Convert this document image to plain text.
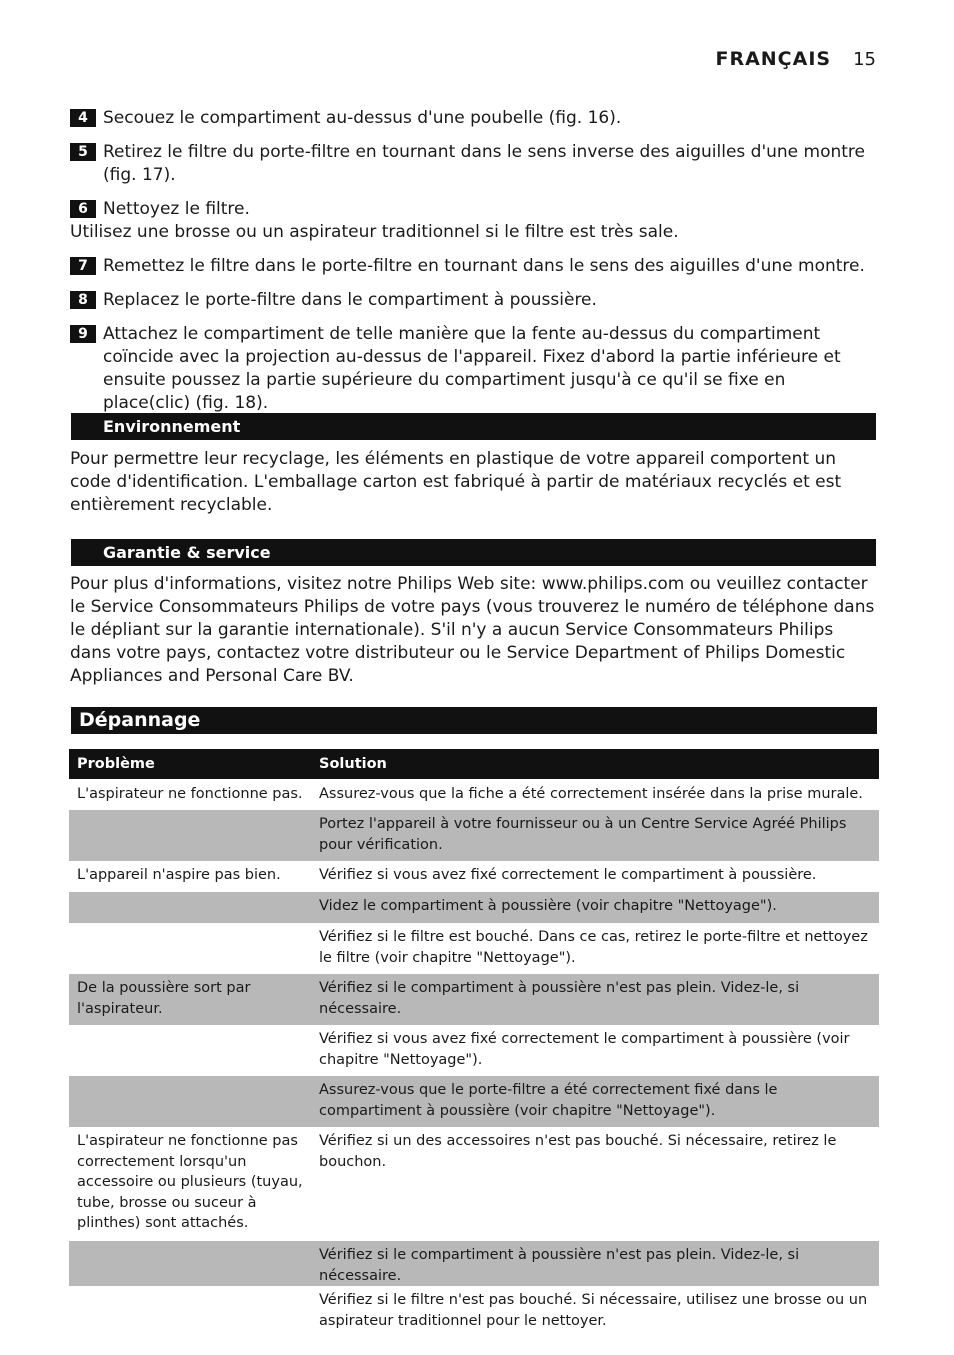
FRANÇAIS 15
4 Secouez le compartiment au-dessus d'une poubelle (fig. 16).
5 Retirez le filtre du porte-filtre en tournant dans le sens inverse des aiguilles d'une montre (fig. 17).
6 Nettoyez le filtre.
Utilisez une brosse ou un aspirateur traditionnel si le filtre est très sale.
7 Remettez le filtre dans le porte-filtre en tournant dans le sens des aiguilles d'une montre.
8 Replacez le porte-filtre dans le compartiment à poussière.
9 Attachez le compartiment de telle manière que la fente au-dessus du compartiment coïncide avec la projection au-dessus de l'appareil. Fixez d'abord la partie inférieure et ensuite poussez la partie supérieure du compartiment jusqu'à ce qu'il se fixe en place(clic) (fig. 18).
Environnement
Pour permettre leur recyclage, les éléments en plastique de votre appareil comportent un code d'identification. L'emballage carton est fabriqué à partir de matériaux recyclés et est entièrement recyclable.
Garantie & service
Pour plus d'informations, visitez notre Philips Web site: www.philips.com ou veuillez contacter le Service Consommateurs Philips de votre pays (vous trouverez le numéro de téléphone dans le dépliant sur la garantie internationale). S'il n'y a aucun Service Consommateurs Philips dans votre pays, contactez votre distributeur ou le Service Department of Philips Domestic Appliances and Personal Care BV.
Dépannage
Problème	Solution
L'aspirateur ne fonctionne pas.	Assurez-vous que la fiche a été correctement insérée dans la prise murale.
	Portez l'appareil à votre fournisseur ou à un Centre Service Agréé Philips pour vérification.
L'appareil n'aspire pas bien.	Vérifiez si vous avez fixé correctement le compartiment à poussière.
	Videz le compartiment à poussière (voir chapitre "Nettoyage").
	Vérifiez si le filtre est bouché. Dans ce cas, retirez le porte-filtre et nettoyez le filtre (voir chapitre "Nettoyage").
De la poussière sort par l'aspirateur.	Vérifiez si le compartiment à poussière n'est pas plein. Videz-le, si nécessaire.
	Vérifiez si vous avez fixé correctement le compartiment à poussière (voir chapitre "Nettoyage").
	Assurez-vous que le porte-filtre a été correctement fixé dans le compartiment à poussière (voir chapitre "Nettoyage").
L'aspirateur ne fonctionne pas correctement lorsqu'un accessoire ou plusieurs (tuyau, tube, brosse ou suceur à plinthes) sont attachés.	Vérifiez si un des accessoires n'est pas bouché. Si nécessaire, retirez le bouchon.
	Vérifiez si le compartiment à poussière n'est pas plein. Videz-le, si nécessaire.
	Vérifiez si le filtre n'est pas bouché. Si nécessaire, utilisez une brosse ou un aspirateur traditionnel pour le nettoyer.
